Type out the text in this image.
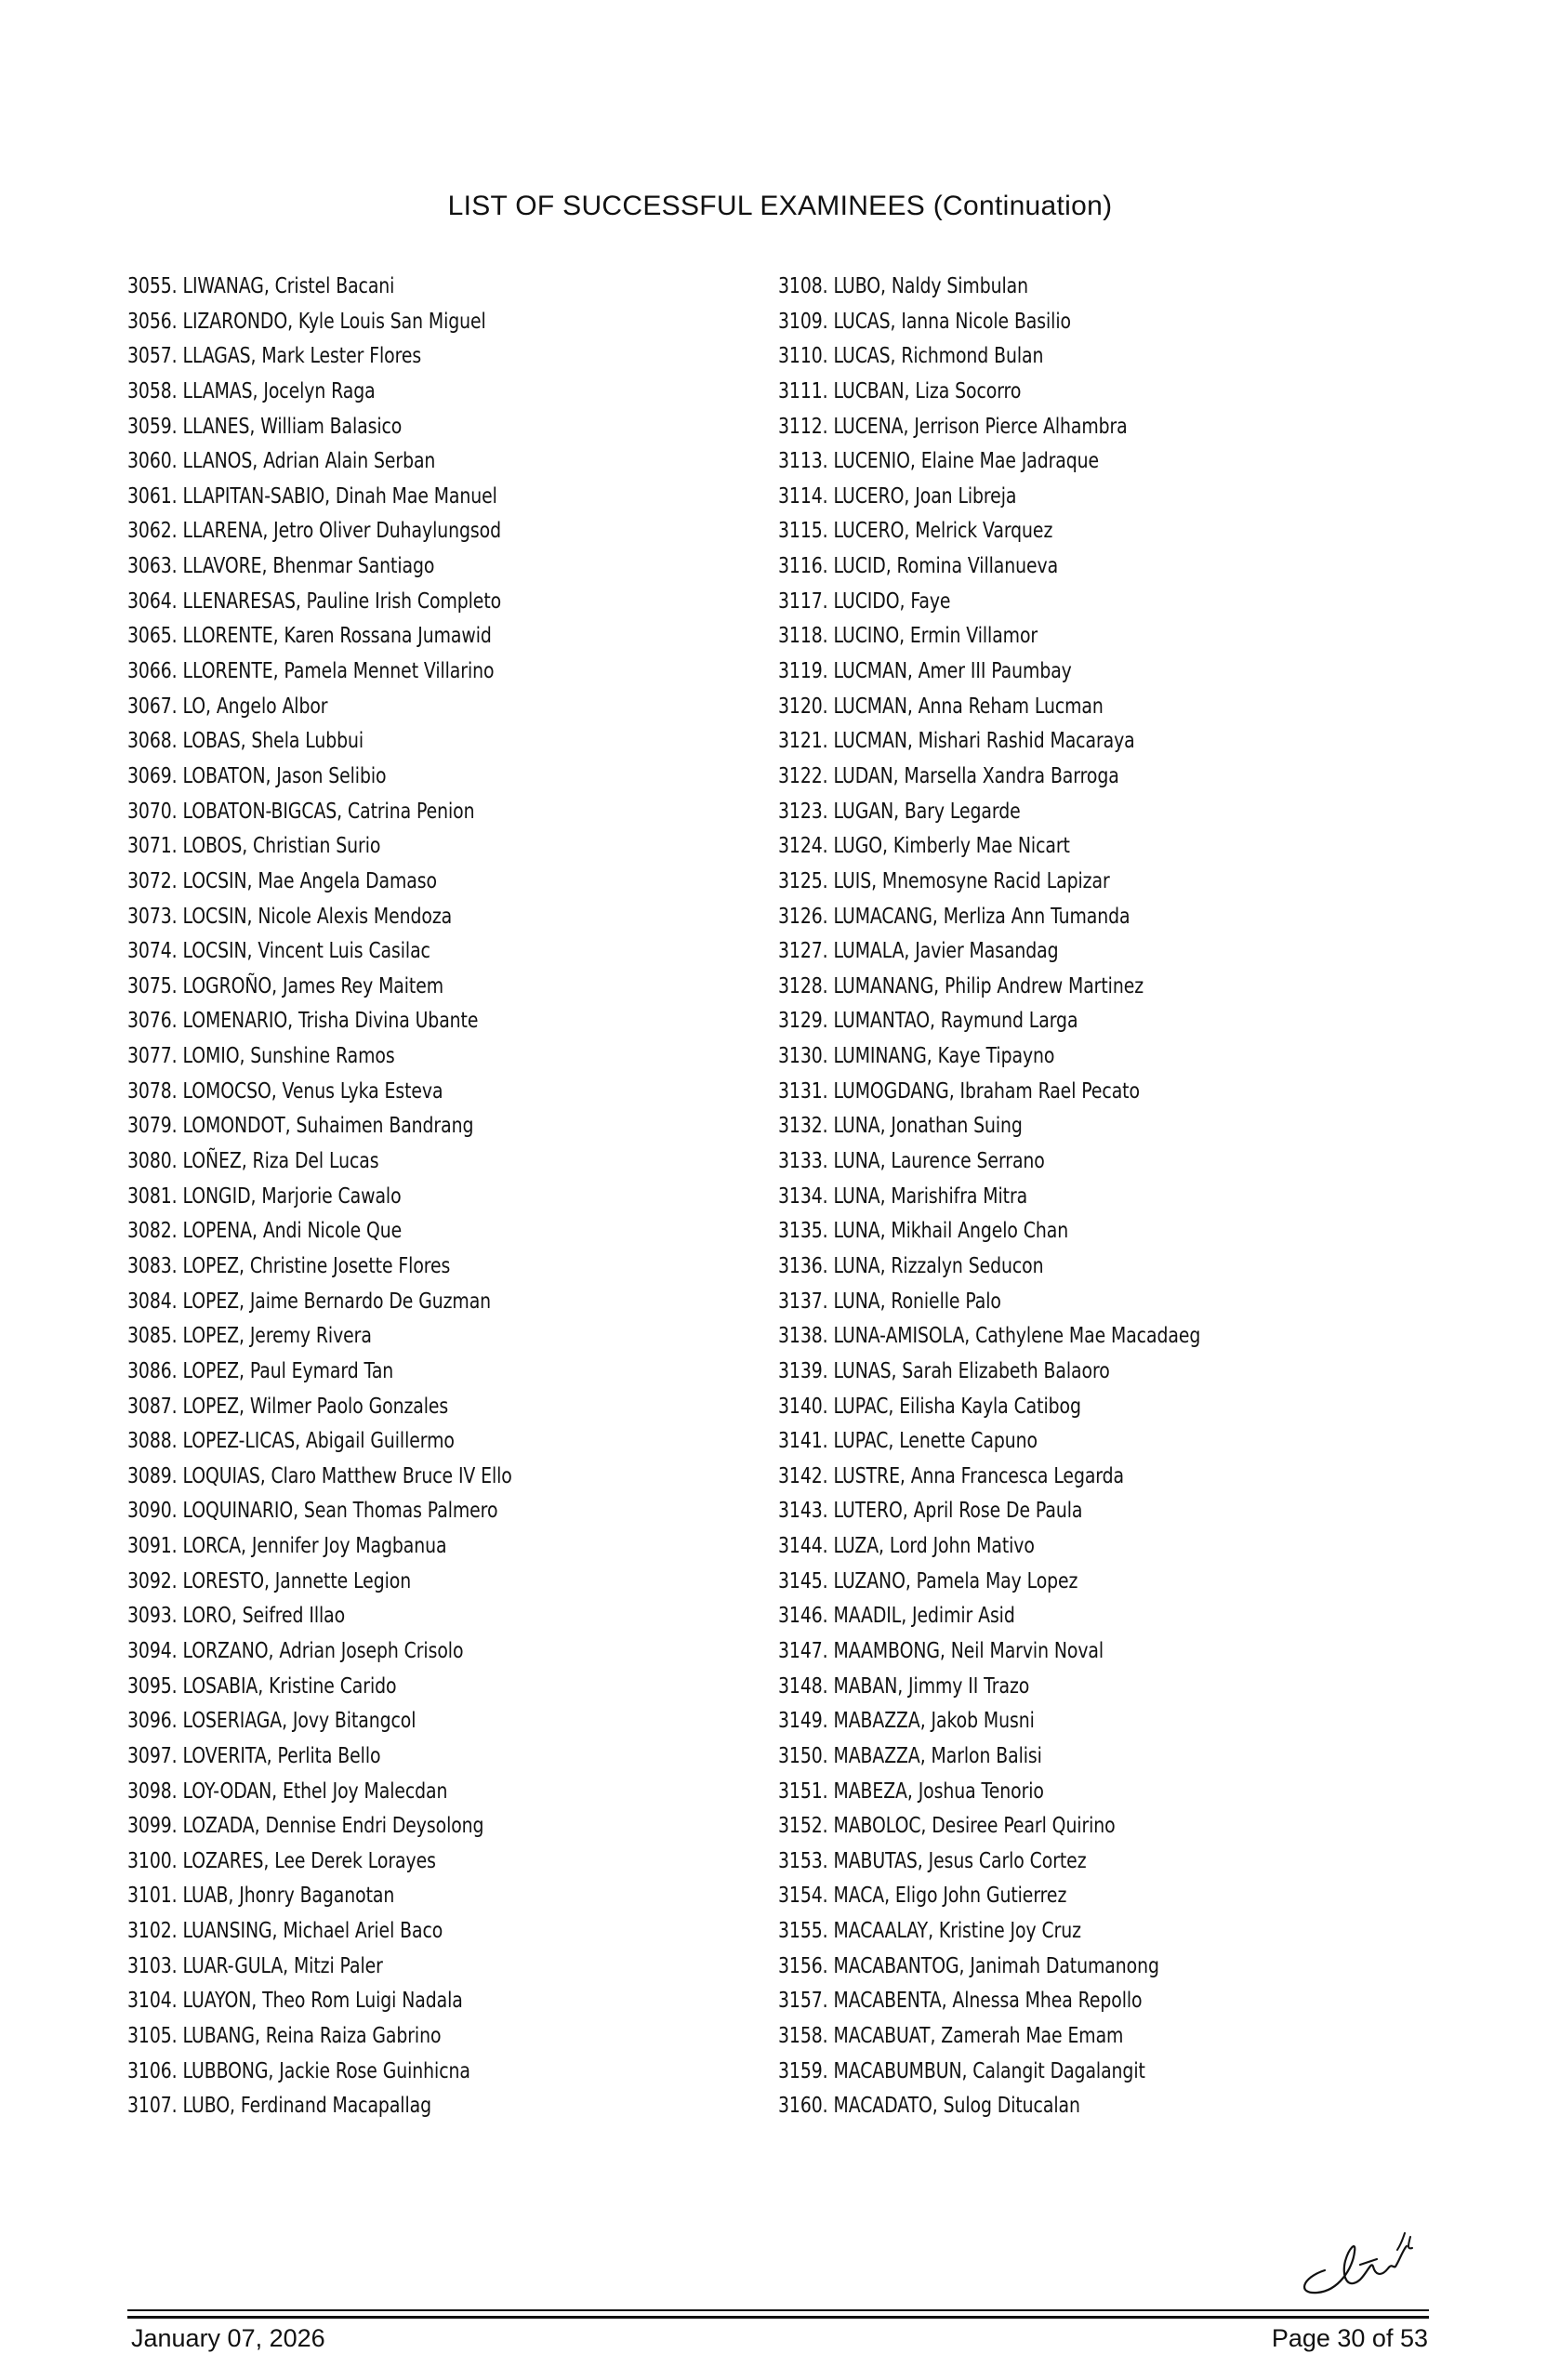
LIST OF SUCCESSFUL EXAMINEES (Continuation)
3055. LIWANAG, Cristel Bacani
3056. LIZARONDO, Kyle Louis San Miguel
3057. LLAGAS, Mark Lester Flores
3058. LLAMAS, Jocelyn Raga
3059. LLANES, William Balasico
3060. LLANOS, Adrian Alain Serban
3061. LLAPITAN-SABIO, Dinah Mae Manuel
3062. LLARENA, Jetro Oliver Duhaylungsod
3063. LLAVORE, Bhenmar Santiago
3064. LLENARESAS, Pauline Irish Completo
3065. LLORENTE, Karen Rossana Jumawid
3066. LLORENTE, Pamela Mennet Villarino
3067. LO, Angelo Albor
3068. LOBAS, Shela Lubbui
3069. LOBATON, Jason Selibio
3070. LOBATON-BIGCAS, Catrina Penion
3071. LOBOS, Christian Surio
3072. LOCSIN, Mae Angela Damaso
3073. LOCSIN, Nicole Alexis Mendoza
3074. LOCSIN, Vincent Luis Casilac
3075. LOGROÑO, James Rey Maitem
3076. LOMENARIO, Trisha Divina Ubante
3077. LOMIO, Sunshine Ramos
3078. LOMOCSO, Venus Lyka Esteva
3079. LOMONDOT, Suhaimen Bandrang
3080. LOÑEZ, Riza Del Lucas
3081. LONGID, Marjorie Cawalo
3082. LOPENA, Andi Nicole Que
3083. LOPEZ, Christine Josette Flores
3084. LOPEZ, Jaime Bernardo De Guzman
3085. LOPEZ, Jeremy Rivera
3086. LOPEZ, Paul Eymard Tan
3087. LOPEZ, Wilmer Paolo Gonzales
3088. LOPEZ-LICAS, Abigail Guillermo
3089. LOQUIAS, Claro Matthew Bruce IV Ello
3090. LOQUINARIO, Sean Thomas Palmero
3091. LORCA, Jennifer Joy Magbanua
3092. LORESTO, Jannette Legion
3093. LORO, Seifred Illao
3094. LORZANO, Adrian Joseph Crisolo
3095. LOSABIA, Kristine Carido
3096. LOSERIAGA, Jovy Bitangcol
3097. LOVERITA, Perlita Bello
3098. LOY-ODAN, Ethel Joy Malecdan
3099. LOZADA, Dennise Endri Deysolong
3100. LOZARES, Lee Derek Lorayes
3101. LUAB, Jhonry Baganotan
3102. LUANSING, Michael Ariel Baco
3103. LUAR-GULA, Mitzi Paler
3104. LUAYON, Theo Rom Luigi Nadala
3105. LUBANG, Reina Raiza Gabrino
3106. LUBBONG, Jackie Rose Guinhicna
3107. LUBO, Ferdinand Macapallag
3108. LUBO, Naldy Simbulan
3109. LUCAS, Ianna Nicole Basilio
3110. LUCAS, Richmond Bulan
3111. LUCBAN, Liza Socorro
3112. LUCENA, Jerrison Pierce Alhambra
3113. LUCENIO, Elaine Mae Jadraque
3114. LUCERO, Joan Librejа
3115. LUCERO, Melrick Varquez
3116. LUCID, Romina Villanueva
3117. LUCIDO, Faye
3118. LUCINO, Ermin Villamor
3119. LUCMAN, Amer III Paumbay
3120. LUCMAN, Anna Reham Lucman
3121. LUCMAN, Mishari Rashid Macaraya
3122. LUDAN, Marsella Xandra Barroga
3123. LUGAN, Bary Legarde
3124. LUGO, Kimberly Mae Nicart
3125. LUIS, Mnemosyne Racid Lapizar
3126. LUMACANG, Merliza Ann Tumanda
3127. LUMALA, Javier Masandag
3128. LUMANANG, Philip Andrew Martinez
3129. LUMANTAO, Raymund Larga
3130. LUMINANG, Kaye Tipayno
3131. LUMOGDANG, Ibraham Rael Pecato
3132. LUNA, Jonathan Suing
3133. LUNA, Laurence Serrano
3134. LUNA, Marishifra Mitra
3135. LUNA, Mikhail Angelo Chan
3136. LUNA, Rizzalyn Seducon
3137. LUNA, Ronielle Palo
3138. LUNA-AMISOLA, Cathylene Mae Macadaeg
3139. LUNAS, Sarah Elizabeth Balaoro
3140. LUPAC, Eilisha Kayla Catibog
3141. LUPAC, Lenette Capuno
3142. LUSTRE, Anna Francesca Legarda
3143. LUTERO, April Rose De Paula
3144. LUZA, Lord John Mativo
3145. LUZANO, Pamela May Lopez
3146. MAADIL, Jedimir Asid
3147. MAAMBONG, Neil Marvin Noval
3148. MABAN, Jimmy II Trazo
3149. MABAZZA, Jakob Musni
3150. MABAZZA, Marlon Balisi
3151. MABEZA, Joshua Tenorio
3152. MABOLOC, Desiree Pearl Quirino
3153. MABUTAS, Jesus Carlo Cortez
3154. MACA, Eligo John Gutierrez
3155. MACAALAY, Kristine Joy Cruz
3156. MACABANTOG, Janimah Datumanong
3157. MACABENTA, Alnessa Mhea Repollo
3158. MACABUAT, Zamerah Mae Emam
3159. MACABUMBUN, Calangit Dagalangit
3160. MACADATO, Sulog Ditucalan
January 07, 2026	Page 30 of 53
